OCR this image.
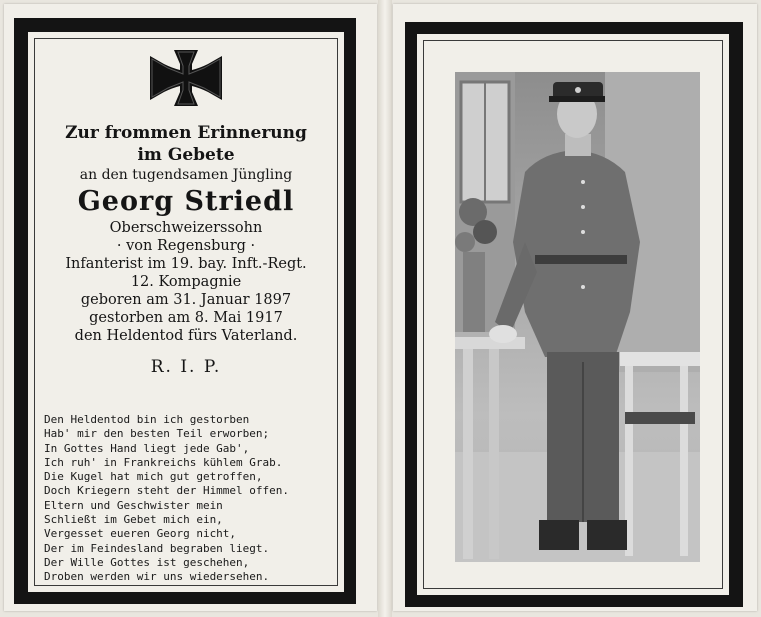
Zur frommen Erinnerung
im Gebete
an den tugendsamen Jüngling
Georg Striedl
Oberschweizerssohn
· von Regensburg ·
Infanterist im 19. bay. Inft.-Regt.
12. Kompagnie
geboren am 31. Januar 1897
gestorben am 8. Mai 1917
den Heldentod fürs Vaterland.
R. I. P.
Den Heldentod bin ich gestorben
Hab' mir den besten Teil erworben;
In Gottes Hand liegt jede Gab',
Ich ruh' in Frankreichs kühlem Grab.
Die Kugel hat mich gut getroffen,
Doch Kriegern steht der Himmel offen.
Eltern und Geschwister mein
Schließt im Gebet mich ein,
Vergesset eueren Georg nicht,
Der im Feindesland begraben liegt.
Der Wille Gottes ist geschehen,
Droben werden wir uns wiedersehen.
